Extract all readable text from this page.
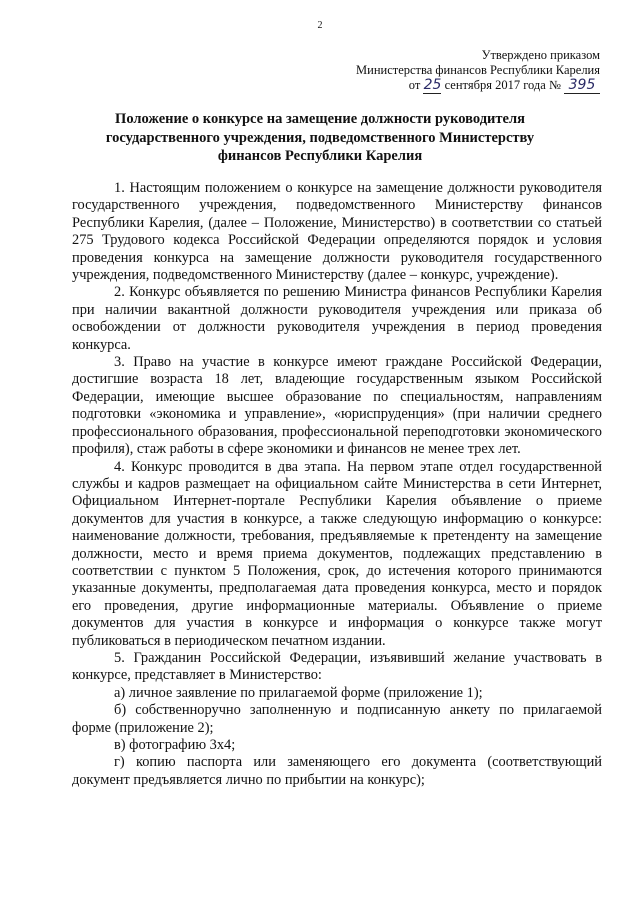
2
Утверждено приказом
Министерства финансов Республики Карелия
от 25 сентября 2017 года № 395
Положение о конкурсе на замещение должности руководителя
государственного учреждения, подведомственного Министерству
финансов Республики Карелия

1. Настоящим положением о конкурсе на замещение должности руководителя государственного учреждения, подведомственного Министерству финансов Республики Карелия, (далее – Положение, Министерство) в соответствии со статьей 275 Трудового кодекса Российской Федерации определяются порядок и условия проведения конкурса на замещение должности руководителя государственного учреждения, подведомственного Министерству (далее – конкурс, учреждение).

2. Конкурс объявляется по решению Министра финансов Республики Карелия при наличии вакантной должности руководителя учреждения или приказа об освобождении от должности руководителя учреждения в период проведения конкурса.

3. Право на участие в конкурсе имеют граждане Российской Федерации, достигшие возраста 18 лет, владеющие государственным языком Российской Федерации, имеющие высшее образование по специальностям, направлениям подготовки «экономика и управление», «юриспруденция» (при наличии среднего профессионального образования, профессиональной переподготовки экономического профиля), стаж работы в сфере экономики и финансов не менее трех лет.

4. Конкурс проводится в два этапа. На первом этапе отдел государственной службы и кадров размещает на официальном сайте Министерства в сети Интернет, Официальном Интернет-портале Республики Карелия объявление о приеме документов для участия в конкурсе, а также следующую информацию о конкурсе: наименование должности, требования, предъявляемые к претенденту на замещение должности, место и время приема документов, подлежащих представлению в соответствии с пунктом 5 Положения, срок, до истечения которого принимаются указанные документы, предполагаемая дата проведения конкурса, место и порядок его проведения, другие информационные материалы. Объявление о приеме документов для участия в конкурсе и информация о конкурсе также могут публиковаться в периодическом печатном издании.

5. Гражданин Российской Федерации, изъявивший желание участвовать в конкурсе, представляет в Министерство:

а) личное заявление по прилагаемой форме (приложение 1);

б) собственноручно заполненную и подписанную анкету по прилагаемой форме (приложение 2);

в) фотографию 3х4;

г) копию паспорта или заменяющего его документа (соответствующий документ предъявляется лично по прибытии на конкурс);
